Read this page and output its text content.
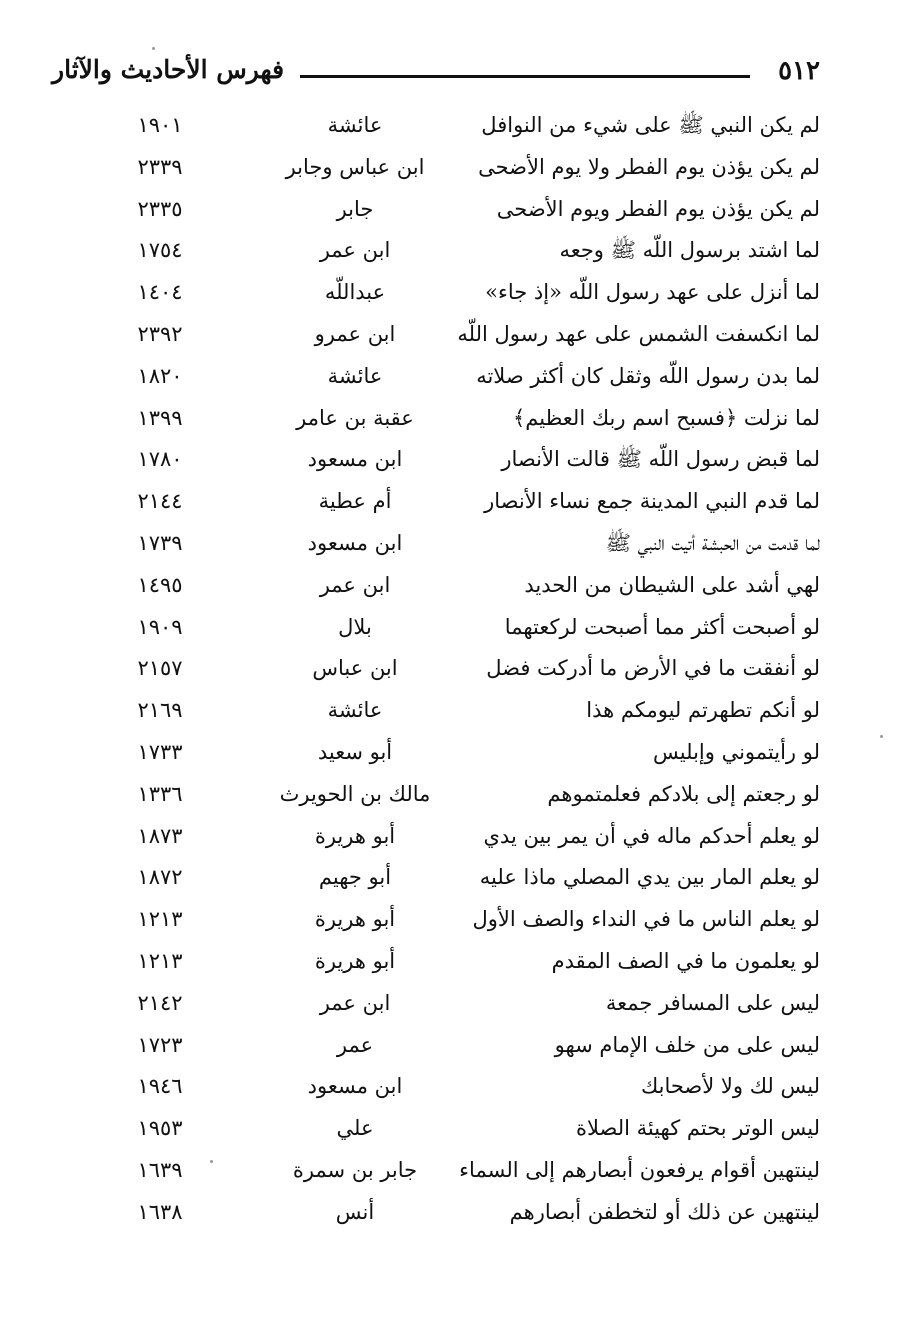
٥١٢
فهرس الأحاديث والآثار
لم يكن النبي ﷺ على شيء من النوافل
عائشة
١٩٠١
لم يكن يؤذن يوم الفطر ولا يوم الأضحى
ابن عباس وجابر
٢٣٣٩
لم يكن يؤذن يوم الفطر ويوم الأضحى
جابر
٢٣٣٥
لما اشتد برسول اللّه ﷺ وجعه
ابن عمر
١٧٥٤
لما أنزل على عهد رسول اللّه «إذ جاء»
عبداللّه
١٤٠٤
لما انكسفت الشمس على عهد رسول اللّه
ابن عمرو
٢٣٩٢
لما بدن رسول اللّه وثقل كان أكثر صلاته
عائشة
١٨٢٠
لما نزلت ﴿فسبح اسم ربك العظيم﴾
عقبة بن عامر
١٣٩٩
لما قبض رسول اللّه ﷺ قالت الأنصار
ابن مسعود
١٧٨٠
لما قدم النبي المدينة جمع نساء الأنصار
أم عطية
٢١٤٤
لما قدمت من الحبشة أتيت النبي ﷺ
ابن مسعود
١٧٣٩
لهي أشد على الشيطان من الحديد
ابن عمر
١٤٩٥
لو أصبحت أكثر مما أصبحت لركعتهما
بلال
١٩٠٩
لو أنفقت ما في الأرض ما أدركت فضل
ابن عباس
٢١٥٧
لو أنكم تطهرتم ليومكم هذا
عائشة
٢١٦٩
لو رأيتموني وإبليس
أبو سعيد
١٧٣٣
لو رجعتم إلى بلادكم فعلمتموهم
مالك بن الحويرث
١٣٣٦
لو يعلم أحدكم ماله في أن يمر بين يدي
أبو هريرة
١٨٧٣
لو يعلم المار بين يدي المصلي ماذا عليه
أبو جهيم
١٨٧٢
لو يعلم الناس ما في النداء والصف الأول
أبو هريرة
١٢١٣
لو يعلمون ما في الصف المقدم
أبو هريرة
١٢١٣
ليس على المسافر جمعة
ابن عمر
٢١٤٢
ليس على من خلف الإمام سهو
عمر
١٧٢٣
ليس لك ولا لأصحابك
ابن مسعود
١٩٤٦
ليس الوتر بحتم كهيئة الصلاة
علي
١٩٥٣
لينتهين أقوام يرفعون أبصارهم إلى السماء
جابر بن سمرة
١٦٣٩
لينتهين عن ذلك أو لتخطفن أبصارهم
أنس
١٦٣٨
